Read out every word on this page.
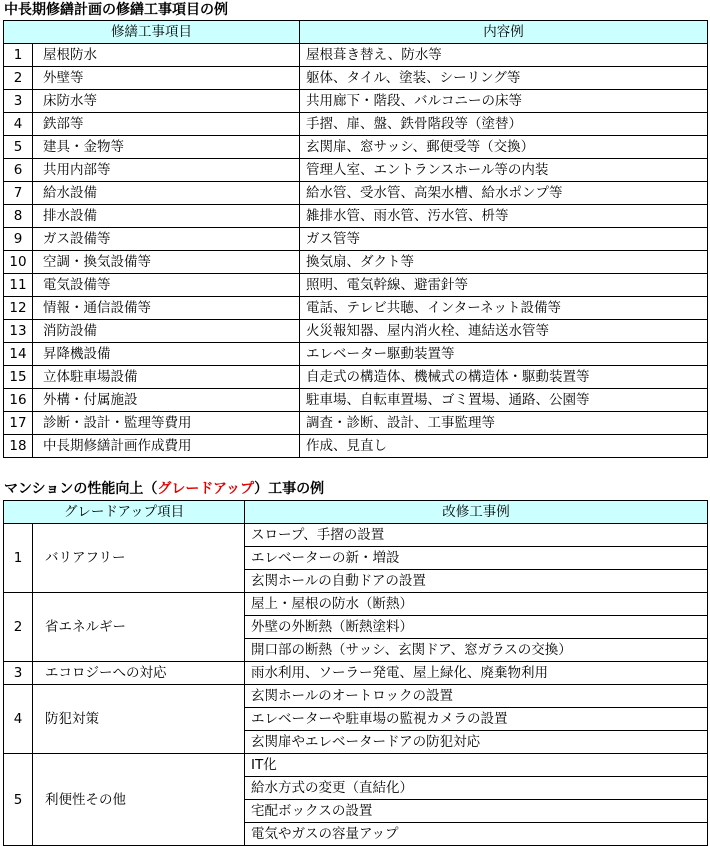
中長期修繕計画の修繕工事項目の例
修繕工事項目		内容例
1	屋根防水	屋根葺き替え、防水等
2	外壁等	躯体、タイル、塗装、シーリング等
3	床防水等	共用廊下・階段、バルコニーの床等
4	鉄部等	手摺、扉、盤、鉄骨階段等（塗替）
5	建具・金物等	玄関扉、窓サッシ、郵便受等（交換）
6	共用内部等	管理人室、エントランスホール等の内装
7	給水設備	給水管、受水管、高架水槽、給水ポンプ等
8	排水設備	雑排水管、雨水管、汚水管、枡等
9	ガス設備等	ガス管等
10	空調・換気設備等	換気扇、ダクト等
11	電気設備等	照明、電気幹線、避雷針等
12	情報・通信設備等	電話、テレビ共聴、インターネット設備等
13	消防設備	火災報知器、屋内消火栓、連結送水管等
14	昇降機設備	エレベーター駆動装置等
15	立体駐車場設備	自走式の構造体、機械式の構造体・駆動装置等
16	外構・付属施設	駐車場、自転車置場、ゴミ置場、通路、公園等
17	診断・設計・監理等費用	調査・診断、設計、工事監理等
18	中長期修繕計画作成費用	作成、見直し
マンションの性能向上（グレードアップ）工事の例
グレードアップ項目		改修工事例
1	バリアフリー	スロープ、手摺の設置
		エレベーターの新・増設
		玄関ホールの自動ドアの設置
2	省エネルギー	屋上・屋根の防水（断熱）
		外壁の外断熱（断熱塗料）
		開口部の断熱（サッシ、玄関ドア、窓ガラスの交換）
3	エコロジーへの対応	雨水利用、ソーラー発電、屋上緑化、廃棄物利用
4	防犯対策	玄関ホールのオートロックの設置
		エレベーターや駐車場の監視カメラの設置
		玄関扉やエレベータードアの防犯対応
5	利便性その他	IT化
		給水方式の変更（直結化）
		宅配ボックスの設置
		電気やガスの容量アップ
